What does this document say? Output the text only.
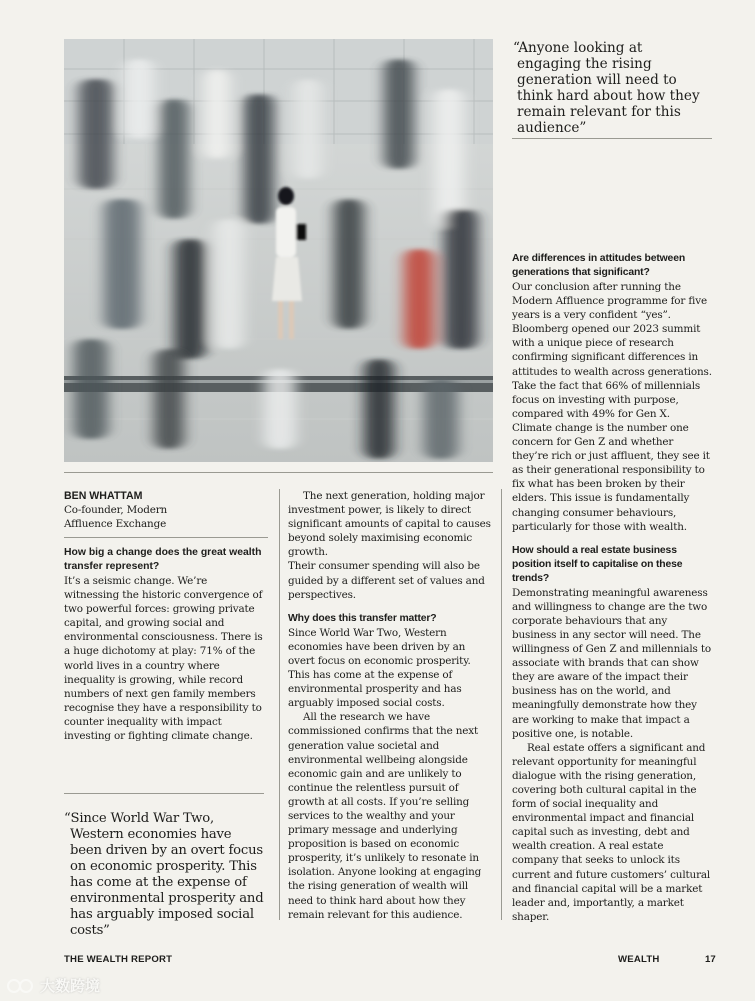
“Anyone looking at engaging the rising generation will need to think hard about how they remain relevant for this audience”

BEN WHATTAM
Co-founder, Modern
Affluence Exchange

How big a change does the great wealth transfer represent?

It’s a seismic change. We’re witnessing the historic convergence of two powerful forces: growing private capital, and growing social and environmental consciousness. There is a huge dichotomy at play: 71% of the world lives in a country where inequality is growing, while record numbers of next gen family members recognise they have a responsibility to counter inequality with impact investing or fighting climate change.

“Since World War Two, Western economies have been driven by an overt focus on economic prosperity. This has come at the expense of environmental prosperity and has arguably imposed social costs”

The next generation, holding major investment power, is likely to direct significant amounts of capital to causes beyond solely maximising economic growth.

Their consumer spending will also be guided by a different set of values and perspectives.

Why does this transfer matter?

Since World War Two, Western economies have been driven by an overt focus on economic prosperity. This has come at the expense of environmental prosperity and has arguably imposed social costs.

All the research we have commissioned confirms that the next generation value societal and environmental wellbeing alongside economic gain and are unlikely to continue the relentless pursuit of growth at all costs. If you’re selling services to the wealthy and your primary message and underlying proposition is based on economic prosperity, it’s unlikely to resonate in isolation. Anyone looking at engaging the rising generation of wealth will need to think hard about how they remain relevant for this audience.

Are differences in attitudes between generations that significant?

Our conclusion after running the Modern Affluence programme for five years is a very confident “yes”. Bloomberg opened our 2023 summit with a unique piece of research confirming significant differences in attitudes to wealth across generations. Take the fact that 66% of millennials focus on investing with purpose, compared with 49% for Gen X. Climate change is the number one concern for Gen Z and whether they’re rich or just affluent, they see it as their generational responsibility to fix what has been broken by their elders. This issue is fundamentally changing consumer behaviours, particularly for those with wealth.

How should a real estate business position itself to capitalise on these trends?

Demonstrating meaningful awareness and willingness to change are the two corporate behaviours that any business in any sector will need. The willingness of Gen Z and millennials to associate with brands that can show they are aware of the impact their business has on the world, and meaningfully demonstrate how they are working to make that impact a positive one, is notable.

Real estate offers a significant and relevant opportunity for meaningful dialogue with the rising generation, covering both cultural capital in the form of social inequality and environmental impact and financial capital such as investing, debt and wealth creation. A real estate company that seeks to unlock its current and future customers’ cultural and financial capital will be a market leader and, importantly, a market shaper.

THE WEALTH REPORT	WEALTH	17
大数跨境
